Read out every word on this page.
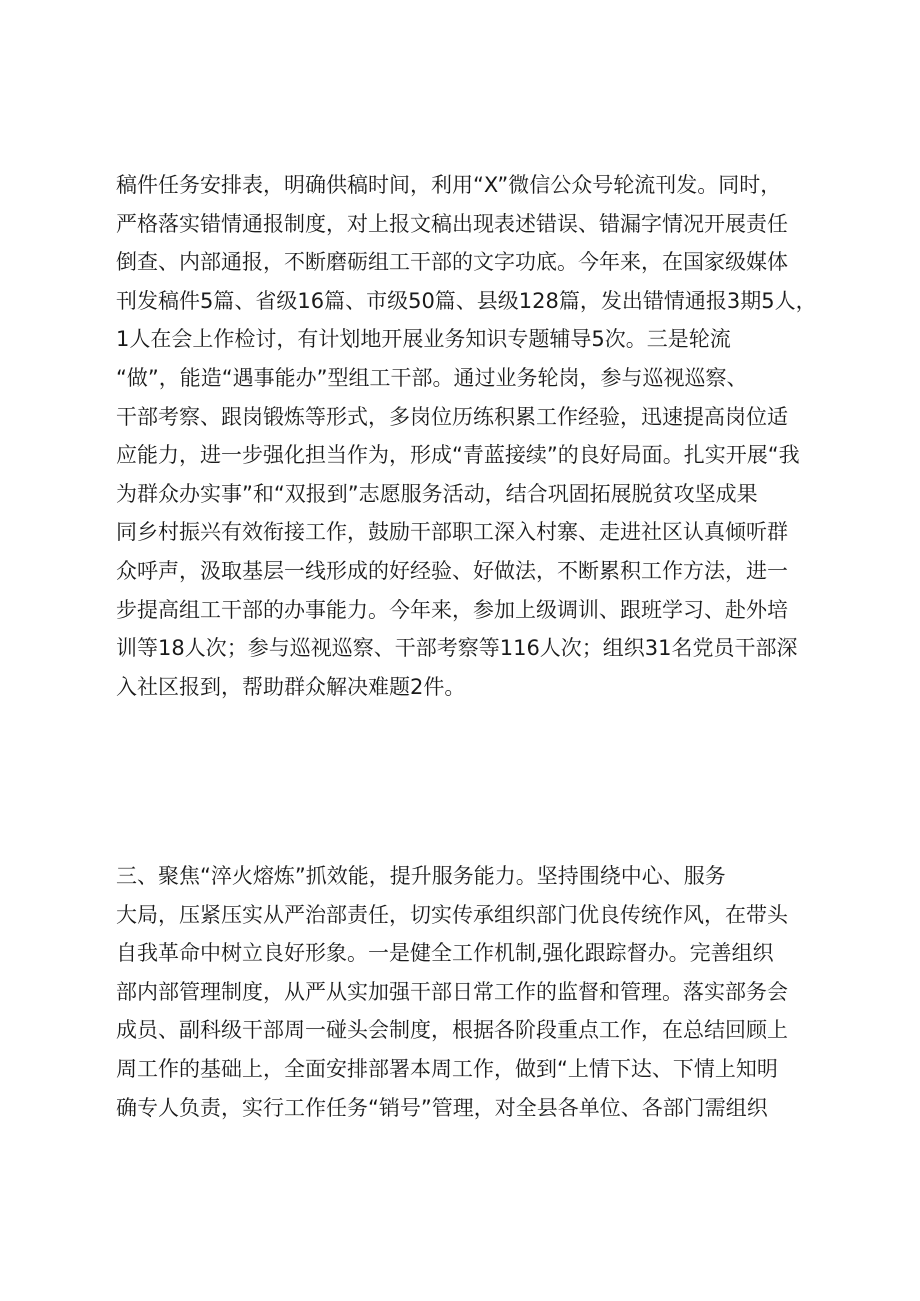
稿件任务安排表，明确供稿时间，利用“X”微信公众号轮流刊发。同时，
严格落实错情通报制度，对上报文稿出现表述错误、错漏字情况开展责任
倒查、内部通报，不断磨砺组工干部的文字功底。今年来，在国家级媒体
刊发稿件5篇、省级16篇、市级50篇、县级128篇，发出错情通报3期5人，
1人在会上作检讨，有计划地开展业务知识专题辅导5次。三是轮流
“做”，能造“遇事能办”型组工干部。通过业务轮岗，参与巡视巡察、
干部考察、跟岗锻炼等形式，多岗位历练积累工作经验，迅速提高岗位适
应能力，进一步强化担当作为，形成“青蓝接续”的良好局面。扎实开展“我
为群众办实事”和“双报到”志愿服务活动，结合巩固拓展脱贫攻坚成果
同乡村振兴有效衔接工作，鼓励干部职工深入村寨、走进社区认真倾听群
众呼声，汲取基层一线形成的好经验、好做法，不断累积工作方法，进一
步提高组工干部的办事能力。今年来，参加上级调训、跟班学习、赴外培
训等18人次；参与巡视巡察、干部考察等116人次；组织31名党员干部深
入社区报到，帮助群众解决难题2件。
三、聚焦“淬火熔炼”抓效能，提升服务能力。坚持围绕中心、服务
大局，压紧压实从严治部责任，切实传承组织部门优良传统作风，在带头
自我革命中树立良好形象。一是健全工作机制,强化跟踪督办。完善组织
部内部管理制度，从严从实加强干部日常工作的监督和管理。落实部务会
成员、副科级干部周一碰头会制度，根据各阶段重点工作，在总结回顾上
周工作的基础上，全面安排部署本周工作，做到“上情下达、下情上知明
确专人负责，实行工作任务“销号”管理，对全县各单位、各部门需组织
